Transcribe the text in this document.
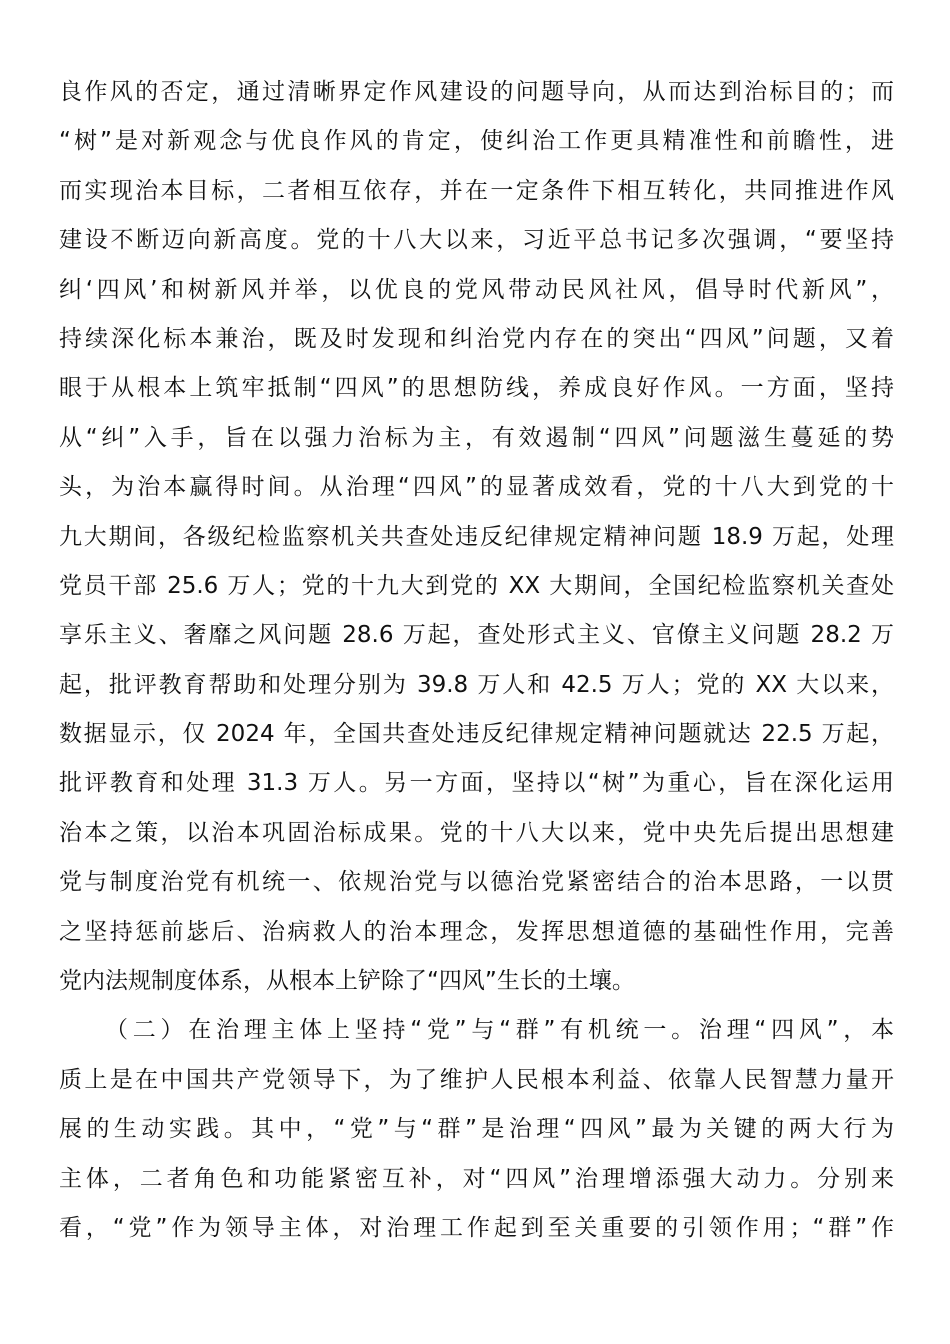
良作风的否定，通过清晰界定作风建设的问题导向，从而达到治标目的；而
“树”是对新观念与优良作风的肯定，使纠治工作更具精准性和前瞻性，进
而实现治本目标，二者相互依存，并在一定条件下相互转化，共同推进作风
建设不断迈向新高度。党的十八大以来，习近平总书记多次强调，“要坚持
纠‘四风’和树新风并举，以优良的党风带动民风社风，倡导时代新风”，
持续深化标本兼治，既及时发现和纠治党内存在的突出“四风”问题，又着
眼于从根本上筑牢抵制“四风”的思想防线，养成良好作风。一方面，坚持
从“纠”入手，旨在以强力治标为主，有效遏制“四风”问题滋生蔓延的势
头，为治本赢得时间。从治理“四风”的显著成效看，党的十八大到党的十
九大期间，各级纪检监察机关共查处违反纪律规定精神问题 18.9 万起，处理
党员干部 25.6 万人；党的十九大到党的 XX 大期间，全国纪检监察机关查处
享乐主义、奢靡之风问题 28.6 万起，查处形式主义、官僚主义问题 28.2 万
起，批评教育帮助和处理分别为 39.8 万人和 42.5 万人；党的 XX 大以来，
数据显示，仅 2024 年，全国共查处违反纪律规定精神问题就达 22.5 万起，
批评教育和处理 31.3 万人。另一方面，坚持以“树”为重心，旨在深化运用
治本之策，以治本巩固治标成果。党的十八大以来，党中央先后提出思想建
党与制度治党有机统一、依规治党与以德治党紧密结合的治本思路，一以贯
之坚持惩前毖后、治病救人的治本理念，发挥思想道德的基础性作用，完善
党内法规制度体系，从根本上铲除了“四风”生长的土壤。
（二）在治理主体上坚持“党”与“群”有机统一。治理“四风”，本
质上是在中国共产党领导下，为了维护人民根本利益、依靠人民智慧力量开
展的生动实践。其中，“党”与“群”是治理“四风”最为关键的两大行为
主体，二者角色和功能紧密互补，对“四风”治理增添强大动力。分别来
看，“党”作为领导主体，对治理工作起到至关重要的引领作用；“群”作
